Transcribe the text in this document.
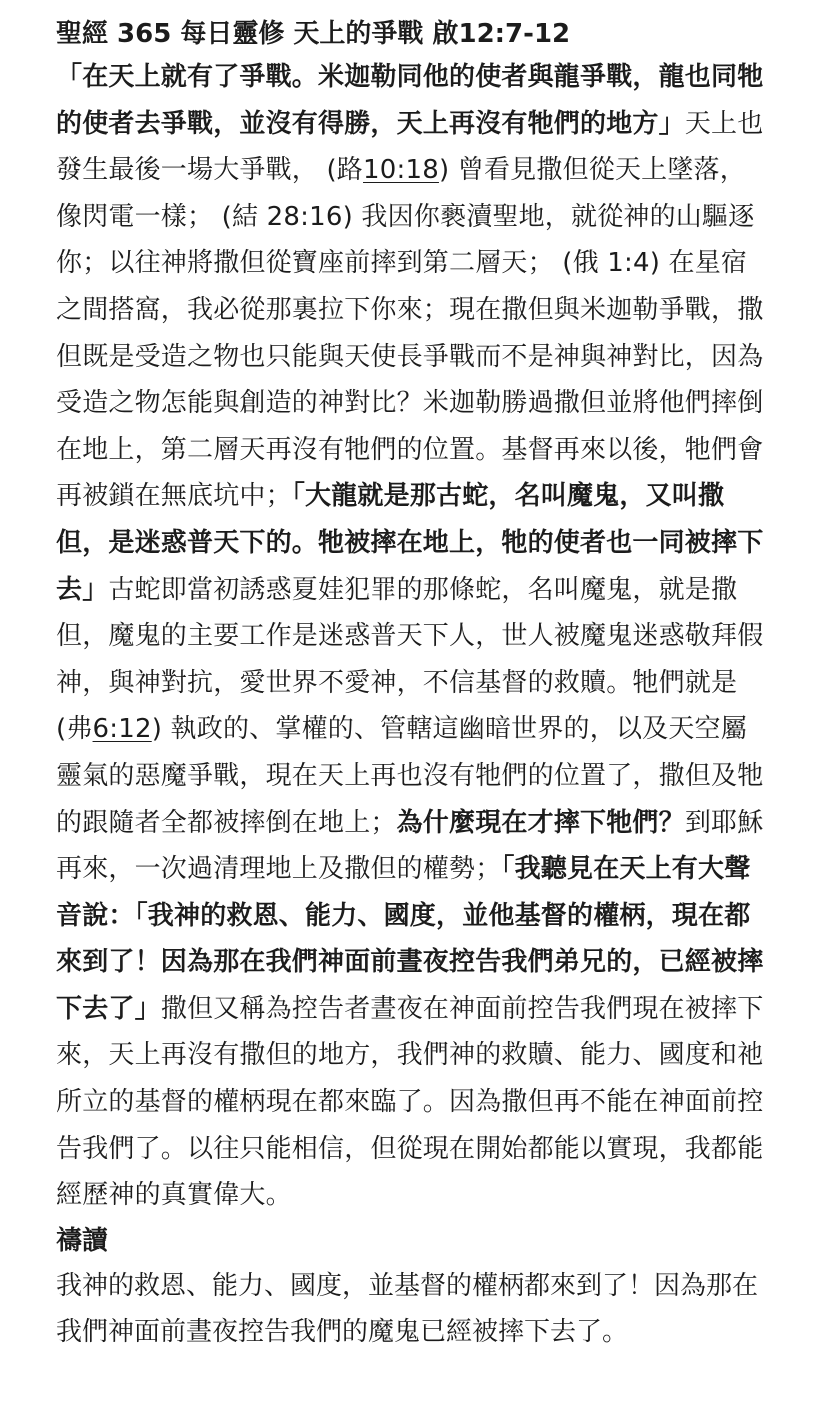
聖經 365 每日靈修 天上的爭戰 啟12:7-12

「在天上就有了爭戰。米迦勒同他的使者與龍爭戰，龍也同牠的使者去爭戰，並沒有得勝，天上再沒有牠們的地方」天上也發生最後一場大爭戰， (路10:18) 曾看見撒但從天上墜落，像閃電一樣； (結 28:16) 我因你褻瀆聖地，就從神的山驅逐你；以往神將撒但從寶座前摔到第二層天； (俄 1:4) 在星宿之間搭窩，我必從那裏拉下你來；現在撒但與米迦勒爭戰，撒但既是受造之物也只能與天使長爭戰而不是神與神對比，因為受造之物怎能與創造的神對比？米迦勒勝過撒但並將他們摔倒在地上，第二層天再沒有牠們的位置。基督再來以後，牠們會再被鎖在無底坑中；「大龍就是那古蛇，名叫魔鬼，又叫撒但，是迷惑普天下的。牠被摔在地上，牠的使者也一同被摔下去」古蛇即當初誘惑夏娃犯罪的那條蛇，名叫魔鬼，就是撒但，魔鬼的主要工作是迷惑普天下人，世人被魔鬼迷惑敬拜假神，與神對抗，愛世界不愛神，不信基督的救贖。牠們就是 (弗6:12) 執政的、掌權的、管轄這幽暗世界的，以及天空屬靈氣的惡魔爭戰，現在天上再也沒有牠們的位置了，撒但及牠的跟隨者全都被摔倒在地上；為什麼現在才摔下牠們？到耶穌再來，一次過清理地上及撒但的權勢；「我聽見在天上有大聲音說：「我神的救恩、能力、國度，並他基督的權柄，現在都來到了！因為那在我們神面前晝夜控告我們弟兄的，已經被摔下去了」撒但又稱為控告者晝夜在神面前控告我們現在被摔下來，天上再沒有撒但的地方，我們神的救贖、能力、國度和祂所立的基督的權柄現在都來臨了。因為撒但再不能在神面前控告我們了。以往只能相信，但從現在開始都能以實現，我都能經歷神的真實偉大。

禱讀

我神的救恩、能力、國度，並基督的權柄都來到了！因為那在我們神面前晝夜控告我們的魔鬼已經被摔下去了。
